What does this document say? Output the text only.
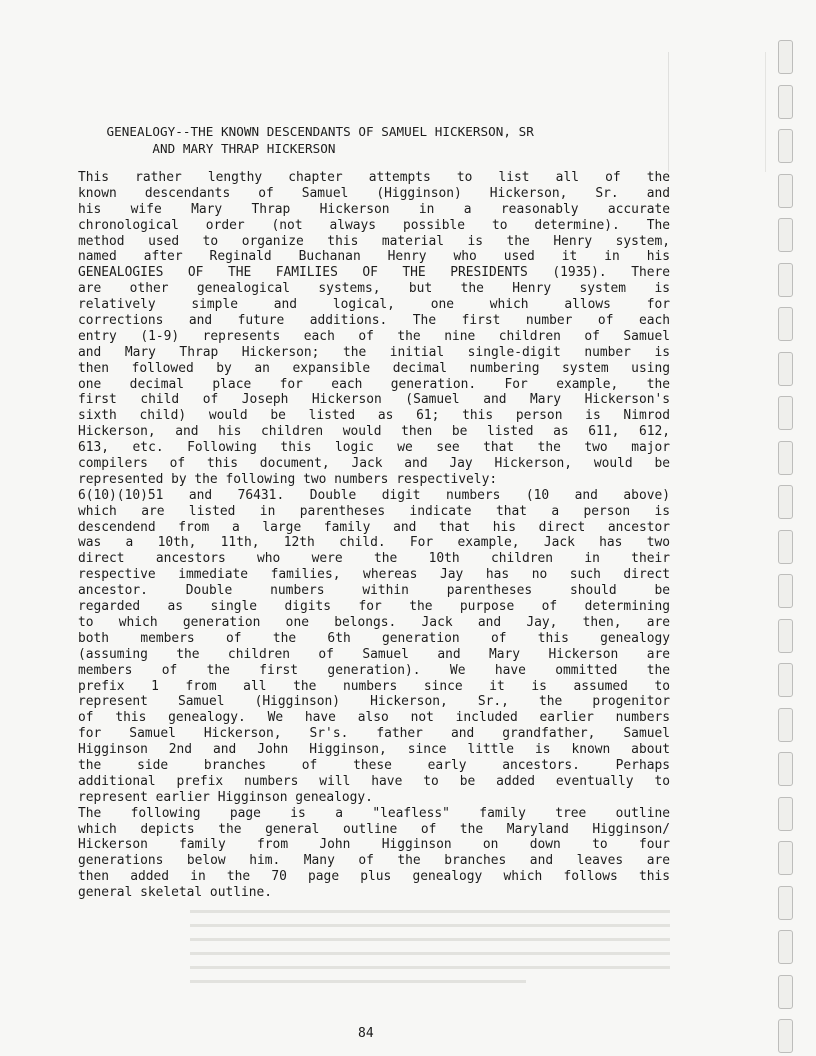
GENEALOGY--THE KNOWN DESCENDANTS OF SAMUEL HICKERSON, SR
AND MARY THRAP HICKERSON

This rather lengthy chapter attempts to list all of the
known descendants of Samuel (Higginson) Hickerson, Sr. and
his wife Mary Thrap Hickerson in a reasonably accurate
chronological order (not always possible to determine). The
method used to organize this material is the Henry system,
named after Reginald Buchanan Henry who used it in his
GENEALOGIES OF THE FAMILIES OF THE PRESIDENTS (1935). There
are other genealogical systems, but the Henry system is
relatively simple and logical, one which allows for
corrections and future additions. The first number of each
entry (1-9) represents each of the nine children of Samuel
and Mary Thrap Hickerson; the initial single-digit number is
then followed by an expansible decimal numbering system using
one decimal place for each generation. For example, the
first child of Joseph Hickerson (Samuel and Mary Hickerson's
sixth child) would be listed as 61; this person is Nimrod
Hickerson, and his children would then be listed as 611, 612,
613, etc. Following this logic we see that the two major
compilers of this document, Jack and Jay Hickerson, would be
represented by the following two numbers respectively:
6(10)(10)51 and 76431. Double digit numbers (10 and above)
which are listed in parentheses indicate that a person is
descendend from a large family and that his direct ancestor
was a 10th, 11th, 12th child. For example, Jack has two
direct ancestors who were the 10th children in their
respective immediate families, whereas Jay has no such direct
ancestor. Double numbers within parentheses should be
regarded as single digits for the purpose of determining
to which generation one belongs. Jack and Jay, then, are
both members of the 6th generation of this genealogy
(assuming the children of Samuel and Mary Hickerson are
members of the first generation). We have ommitted the
prefix 1 from all the numbers since it is assumed to
represent Samuel (Higginson) Hickerson, Sr., the progenitor
of this genealogy. We have also not included earlier numbers
for Samuel Hickerson, Sr's. father and grandfather, Samuel
Higginson 2nd and John Higginson, since little is known about
the side branches of these early ancestors. Perhaps
additional prefix numbers will have to be added eventually to
represent earlier Higginson genealogy.
The following page is a "leafless" family tree outline
which depicts the general outline of the Maryland Higginson/
Hickerson family from John Higginson on down to four
generations below him. Many of the branches and leaves are
then added in the 70 page plus genealogy which follows this
general skeletal outline.
84
